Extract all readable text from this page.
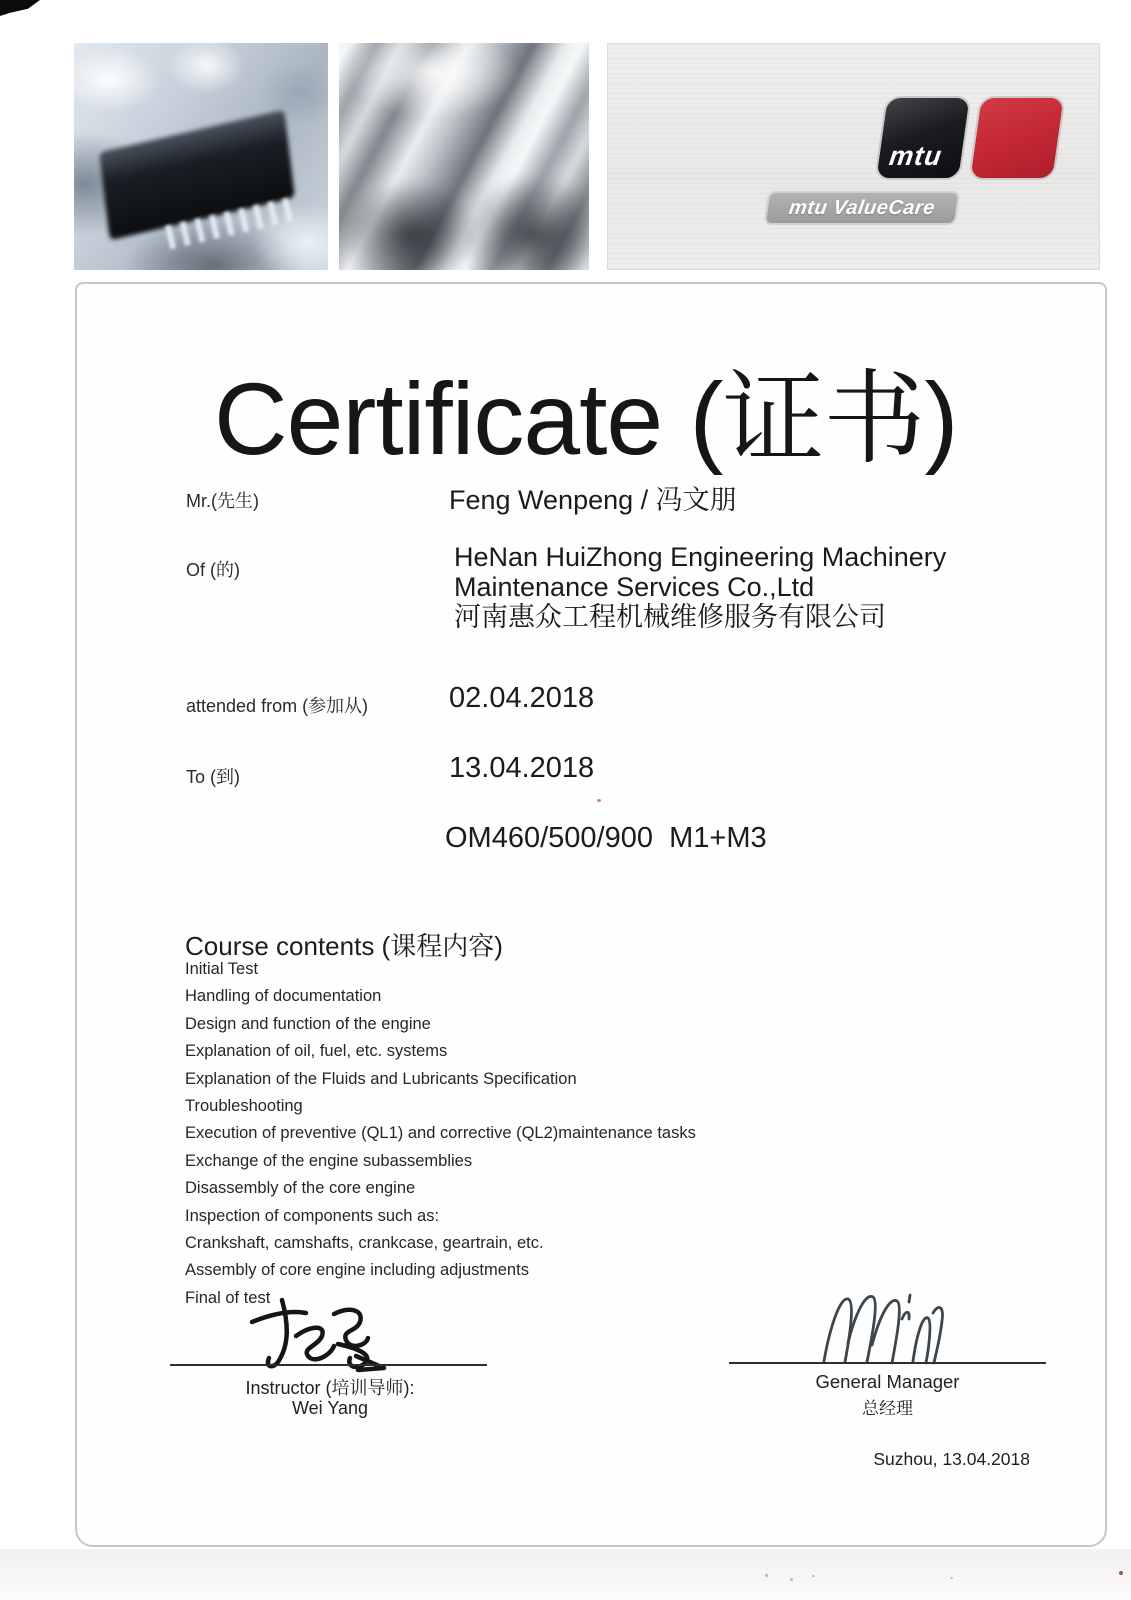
mtu
mtu ValueCare
Certificate (证书)
Mr.(先生)	Feng Wenpeng / 冯文朋
Of (的)	HeNan HuiZhong Engineering Machinery
Maintenance Services Co.,Ltd
河南惠众工程机械维修服务有限公司
attended from (参加从)	02.04.2018
To (到)	13.04.2018
OM460/500/900  M1+M3
Course contents (课程内容)
Initial Test
Handling of documentation
Design and function of the engine
Explanation of oil, fuel, etc. systems
Explanation of the Fluids and Lubricants Specification
Troubleshooting
Execution of preventive (QL1) and corrective (QL2)maintenance tasks
Exchange of the engine subassemblies
Disassembly of the core engine
Inspection of components such as:
Crankshaft, camshafts, crankcase, geartrain, etc.
Assembly of core engine including adjustments
Final of test
Instructor (培训导师):
Wei Yang
General Manager
总经理
Suzhou, 13.04.2018
